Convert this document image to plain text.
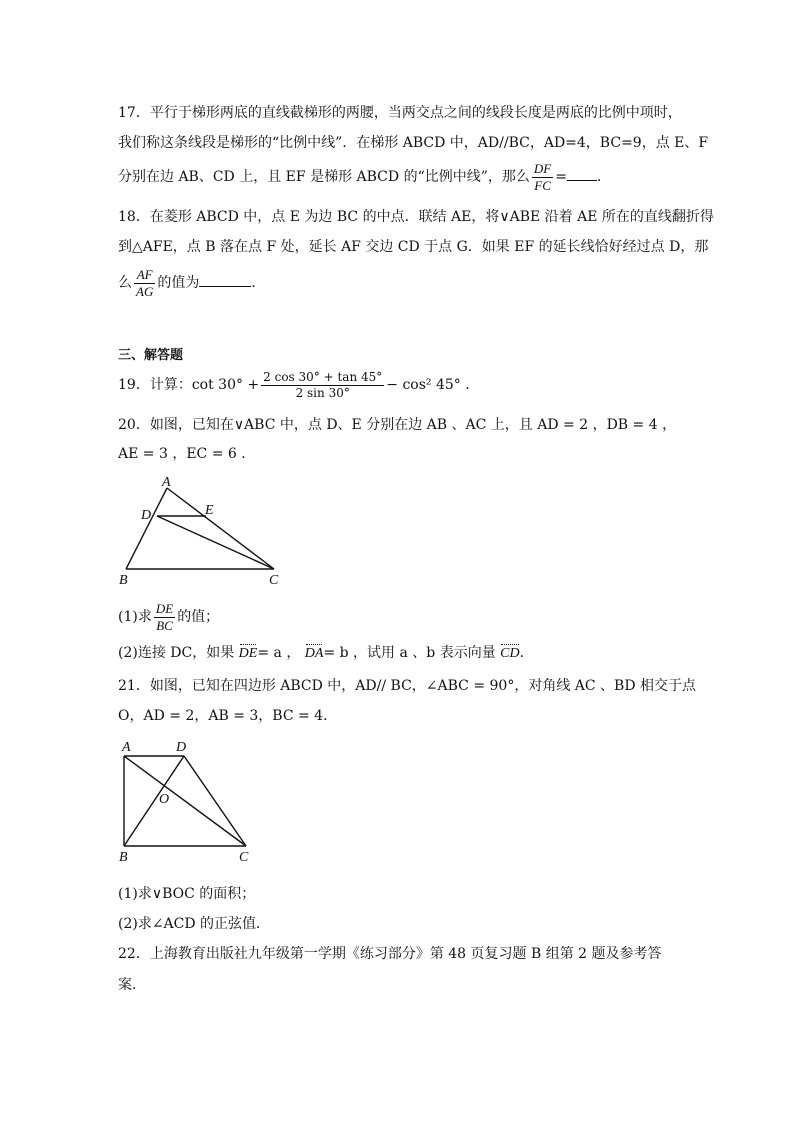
17．平行于梯形两底的直线截梯形的两腰，当两交点之间的线段长度是两底的比例中项时，
我们称这条线段是梯形的“比例中线”．在梯形 ABCD 中，AD//BC，AD=4，BC=9，点 E、F
分别在边 AB、CD 上，且 EF 是梯形 ABCD 的“比例中线”，那么 $\frac{DF}{FC}$ = ．
18．在菱形 ABCD 中，点 E 为边 BC 的中点．联结 AE，将∨ABE 沿着 AE 所在的直线翻折得
到△AFE，点 B 落在点 F 处，延长 AF 交边 CD 于点 G．如果 EF 的延长线恰好经过点 D，那
么 $\frac{AF}{AG}$ 的值为	．
三、解答题
19．计算：$\cot 30^\circ + \frac{2 \cos 30^\circ + \tan 45^\circ}{2 \sin 30^\circ} - \cos^2$ 45° ．
20．如图，已知在∨ABC 中，点 D、E 分别在边 AB 、AC 上，且 AD = 2 ，DB = 4 ，
AE = 3 ，EC = 6 ．
A
D	E
B	C
(1)求 $\frac{DE}{BC}$ 的值；
(2)连接 DC，如果 DE= a ， DA= b ，试用 a 、b 表示向量 CD．
21．如图，已知在四边形 ABCD 中，AD// BC，∠ABC = 90°，对角线 AC 、BD 相交于点
O，AD = 2，AB = 3，BC = 4．
A	D
O
B	C
(1)求∨BOC 的面积；
(2)求∠ACD 的正弦值．
22．上海教育出版社九年级第一学期《练习部分》第 48 页复习题 B 组第 2 题及参考答
案．
